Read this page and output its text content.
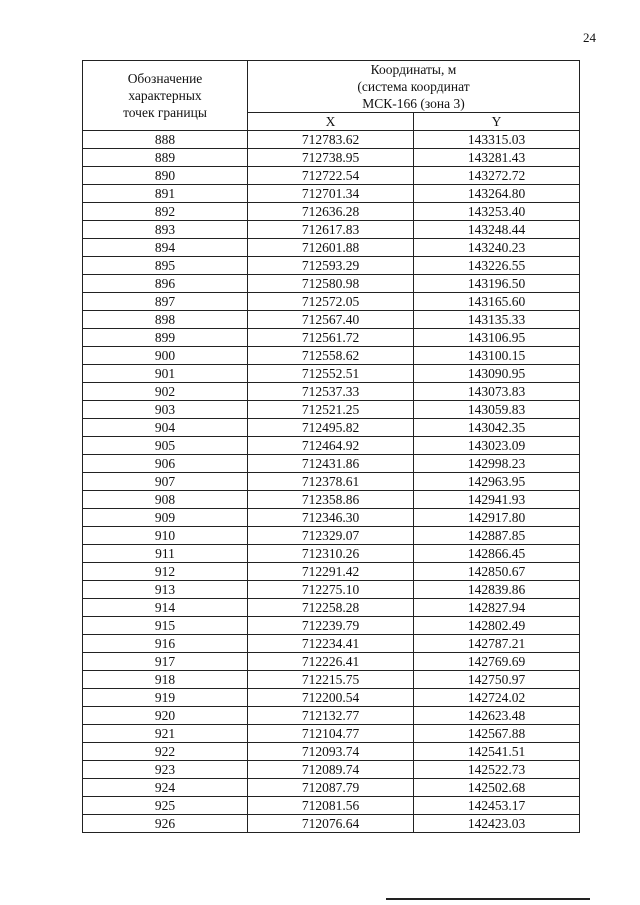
24
Обозначение
характерных
точек границы	Координаты, м
(система координат
МСК-166 (зона 3)	
	X	Y
888	712783.62	143315.03
889	712738.95	143281.43
890	712722.54	143272.72
891	712701.34	143264.80
892	712636.28	143253.40
893	712617.83	143248.44
894	712601.88	143240.23
895	712593.29	143226.55
896	712580.98	143196.50
897	712572.05	143165.60
898	712567.40	143135.33
899	712561.72	143106.95
900	712558.62	143100.15
901	712552.51	143090.95
902	712537.33	143073.83
903	712521.25	143059.83
904	712495.82	143042.35
905	712464.92	143023.09
906	712431.86	142998.23
907	712378.61	142963.95
908	712358.86	142941.93
909	712346.30	142917.80
910	712329.07	142887.85
911	712310.26	142866.45
912	712291.42	142850.67
913	712275.10	142839.86
914	712258.28	142827.94
915	712239.79	142802.49
916	712234.41	142787.21
917	712226.41	142769.69
918	712215.75	142750.97
919	712200.54	142724.02
920	712132.77	142623.48
921	712104.77	142567.88
922	712093.74	142541.51
923	712089.74	142522.73
924	712087.79	142502.68
925	712081.56	142453.17
926	712076.64	142423.03
